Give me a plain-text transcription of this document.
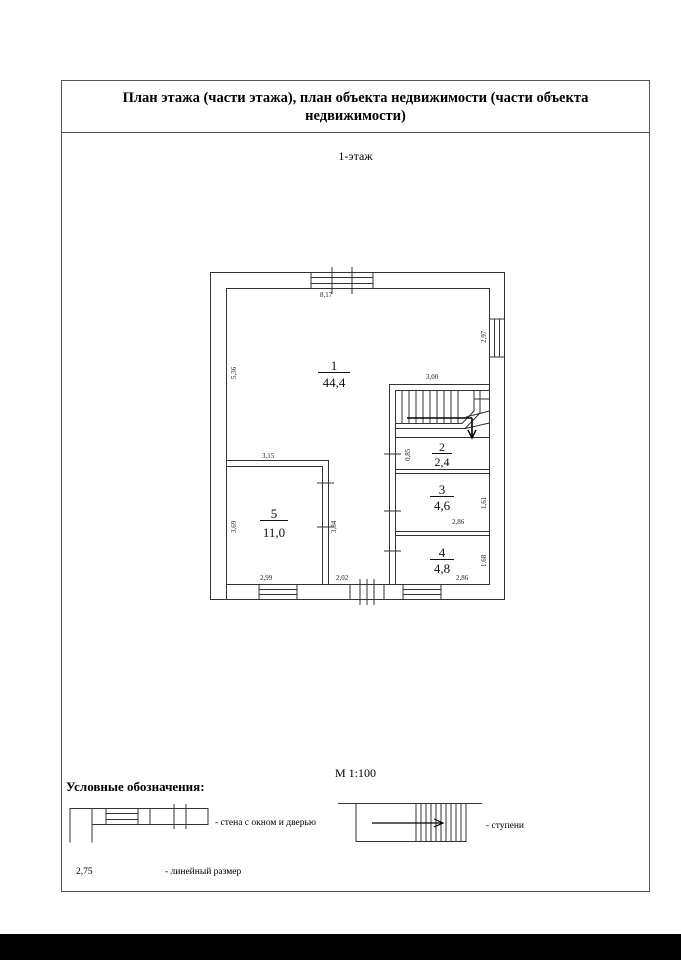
План этажа (части этажа), план объекта недвижимости (части объекта недвижимости)
1-этаж
1
44,4
2
2,4
3
4,6
4
4,8
5
11,0
8,17
3,00
3,15
2,86
2,99	2,02	2,86
2,97
5,36
0,85
3,69	3,84
1,61
1,68
М 1:100
Условные обозначения:
- стена с окном и дверью	- ступени
2,75	- линейный размер
